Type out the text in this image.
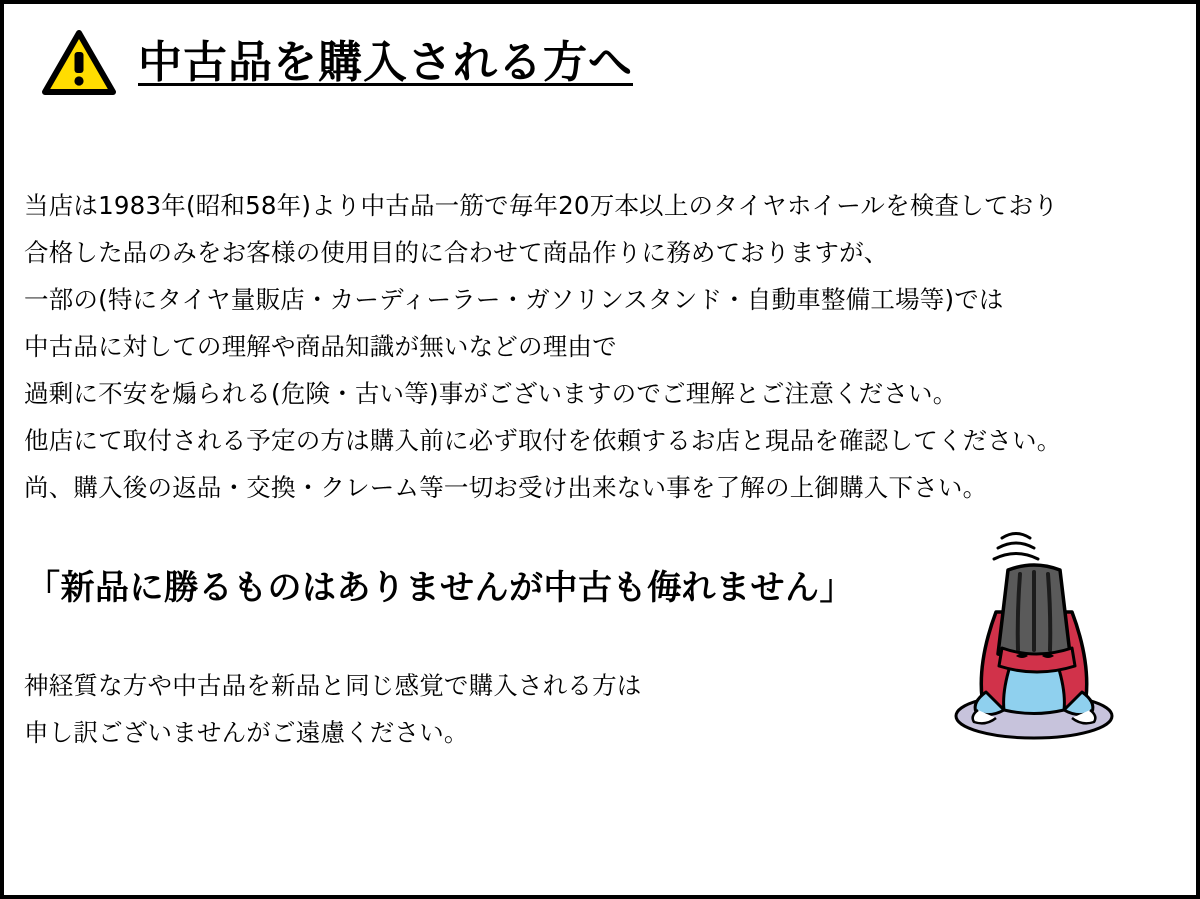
中古品を購入される方へ
当店は1983年(昭和58年)より中古品一筋で毎年20万本以上のタイヤホイールを検査しており
合格した品のみをお客様の使用目的に合わせて商品作りに務めておりますが、
一部の(特にタイヤ量販店・カーディーラー・ガソリンスタンド・自動車整備工場等)では
中古品に対しての理解や商品知識が無いなどの理由で
過剰に不安を煽られる(危険・古い等)事がございますのでご理解とご注意ください。
他店にて取付される予定の方は購入前に必ず取付を依頼するお店と現品を確認してください。
尚、購入後の返品・交換・クレーム等一切お受け出来ない事を了解の上御購入下さい。
「新品に勝るものはありませんが中古も侮れません」
神経質な方や中古品を新品と同じ感覚で購入される方は
申し訳ございませんがご遠慮ください。
